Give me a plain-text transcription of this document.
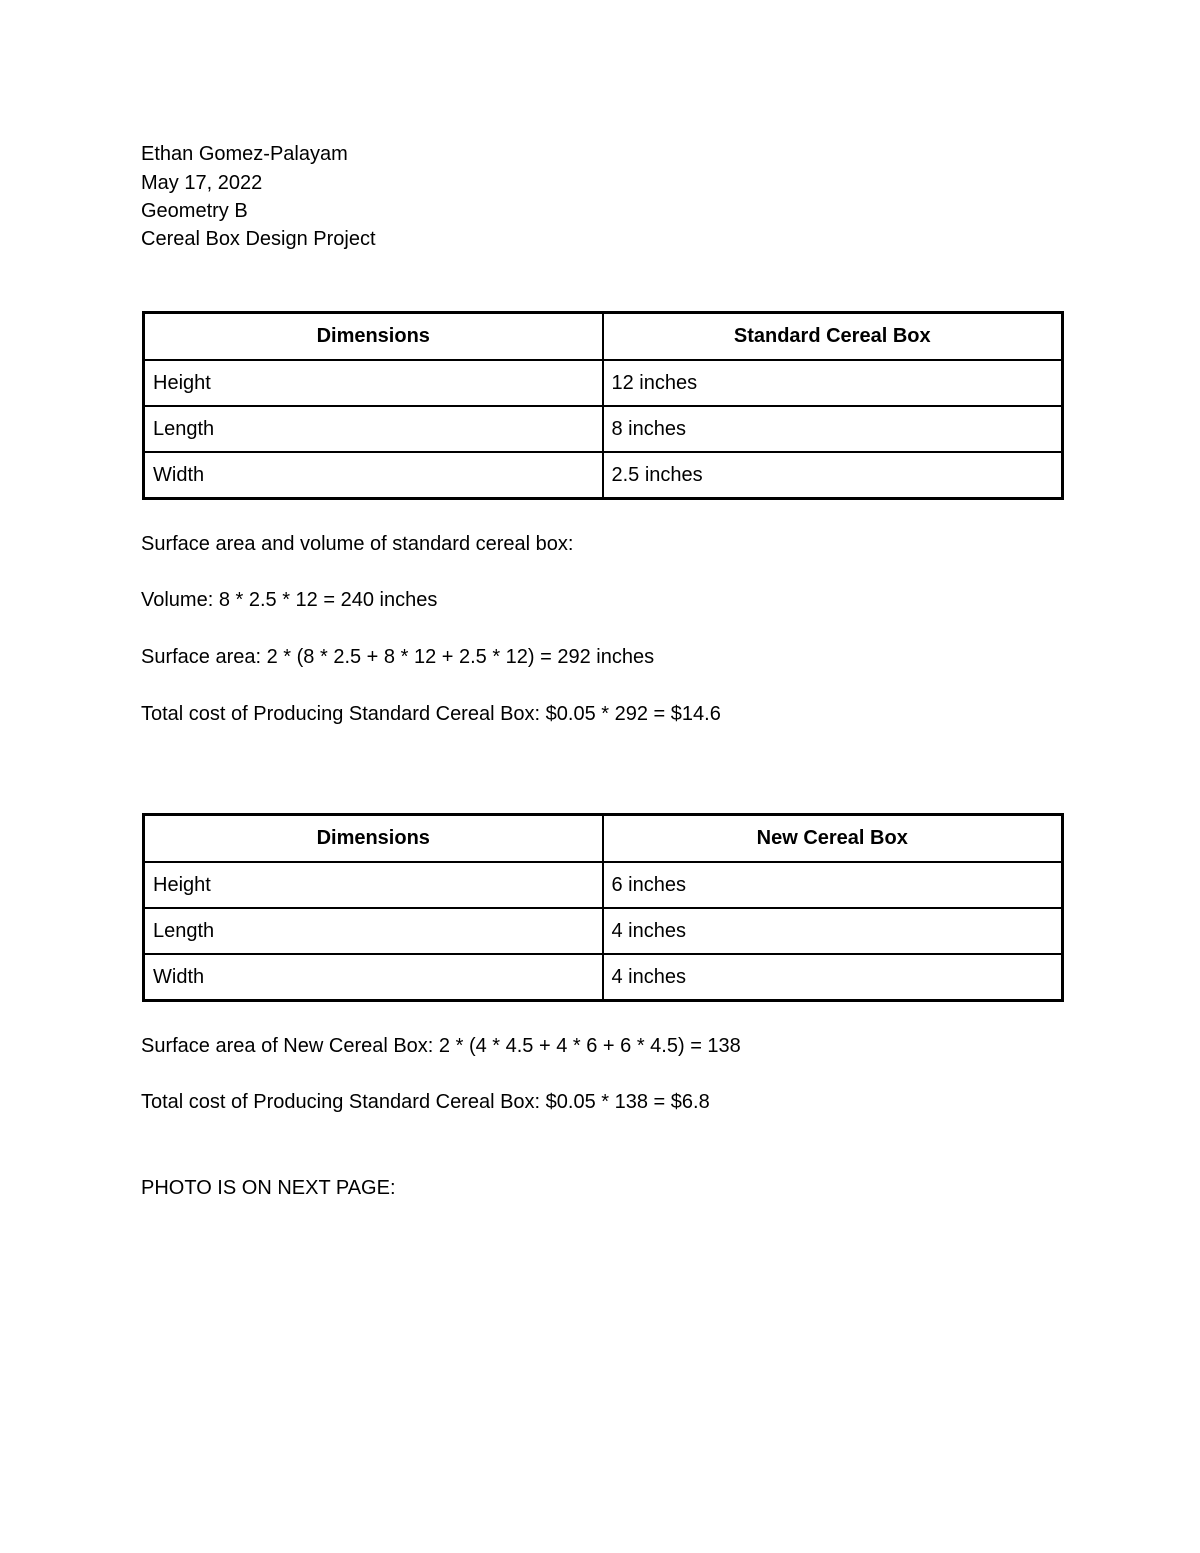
Ethan Gomez-Palayam
May 17, 2022
Geometry B
Cereal Box Design Project
Dimensions	Standard Cereal Box
Height	12 inches
Length	8 inches
Width	2.5 inches
Surface area and volume of standard cereal box:
Volume: 8 * 2.5 * 12 = 240 inches
Surface area: 2 * (8 * 2.5 + 8 * 12 + 2.5 * 12) = 292 inches
Total cost of Producing Standard Cereal Box: $0.05 * 292 = $14.6
Dimensions	New Cereal Box
Height	6 inches
Length	4 inches
Width	4 inches
Surface area of New Cereal Box: 2 * (4 * 4.5 + 4 * 6 + 6 * 4.5) = 138
Total cost of Producing Standard Cereal Box: $0.05 * 138 = $6.8
PHOTO IS ON NEXT PAGE:
